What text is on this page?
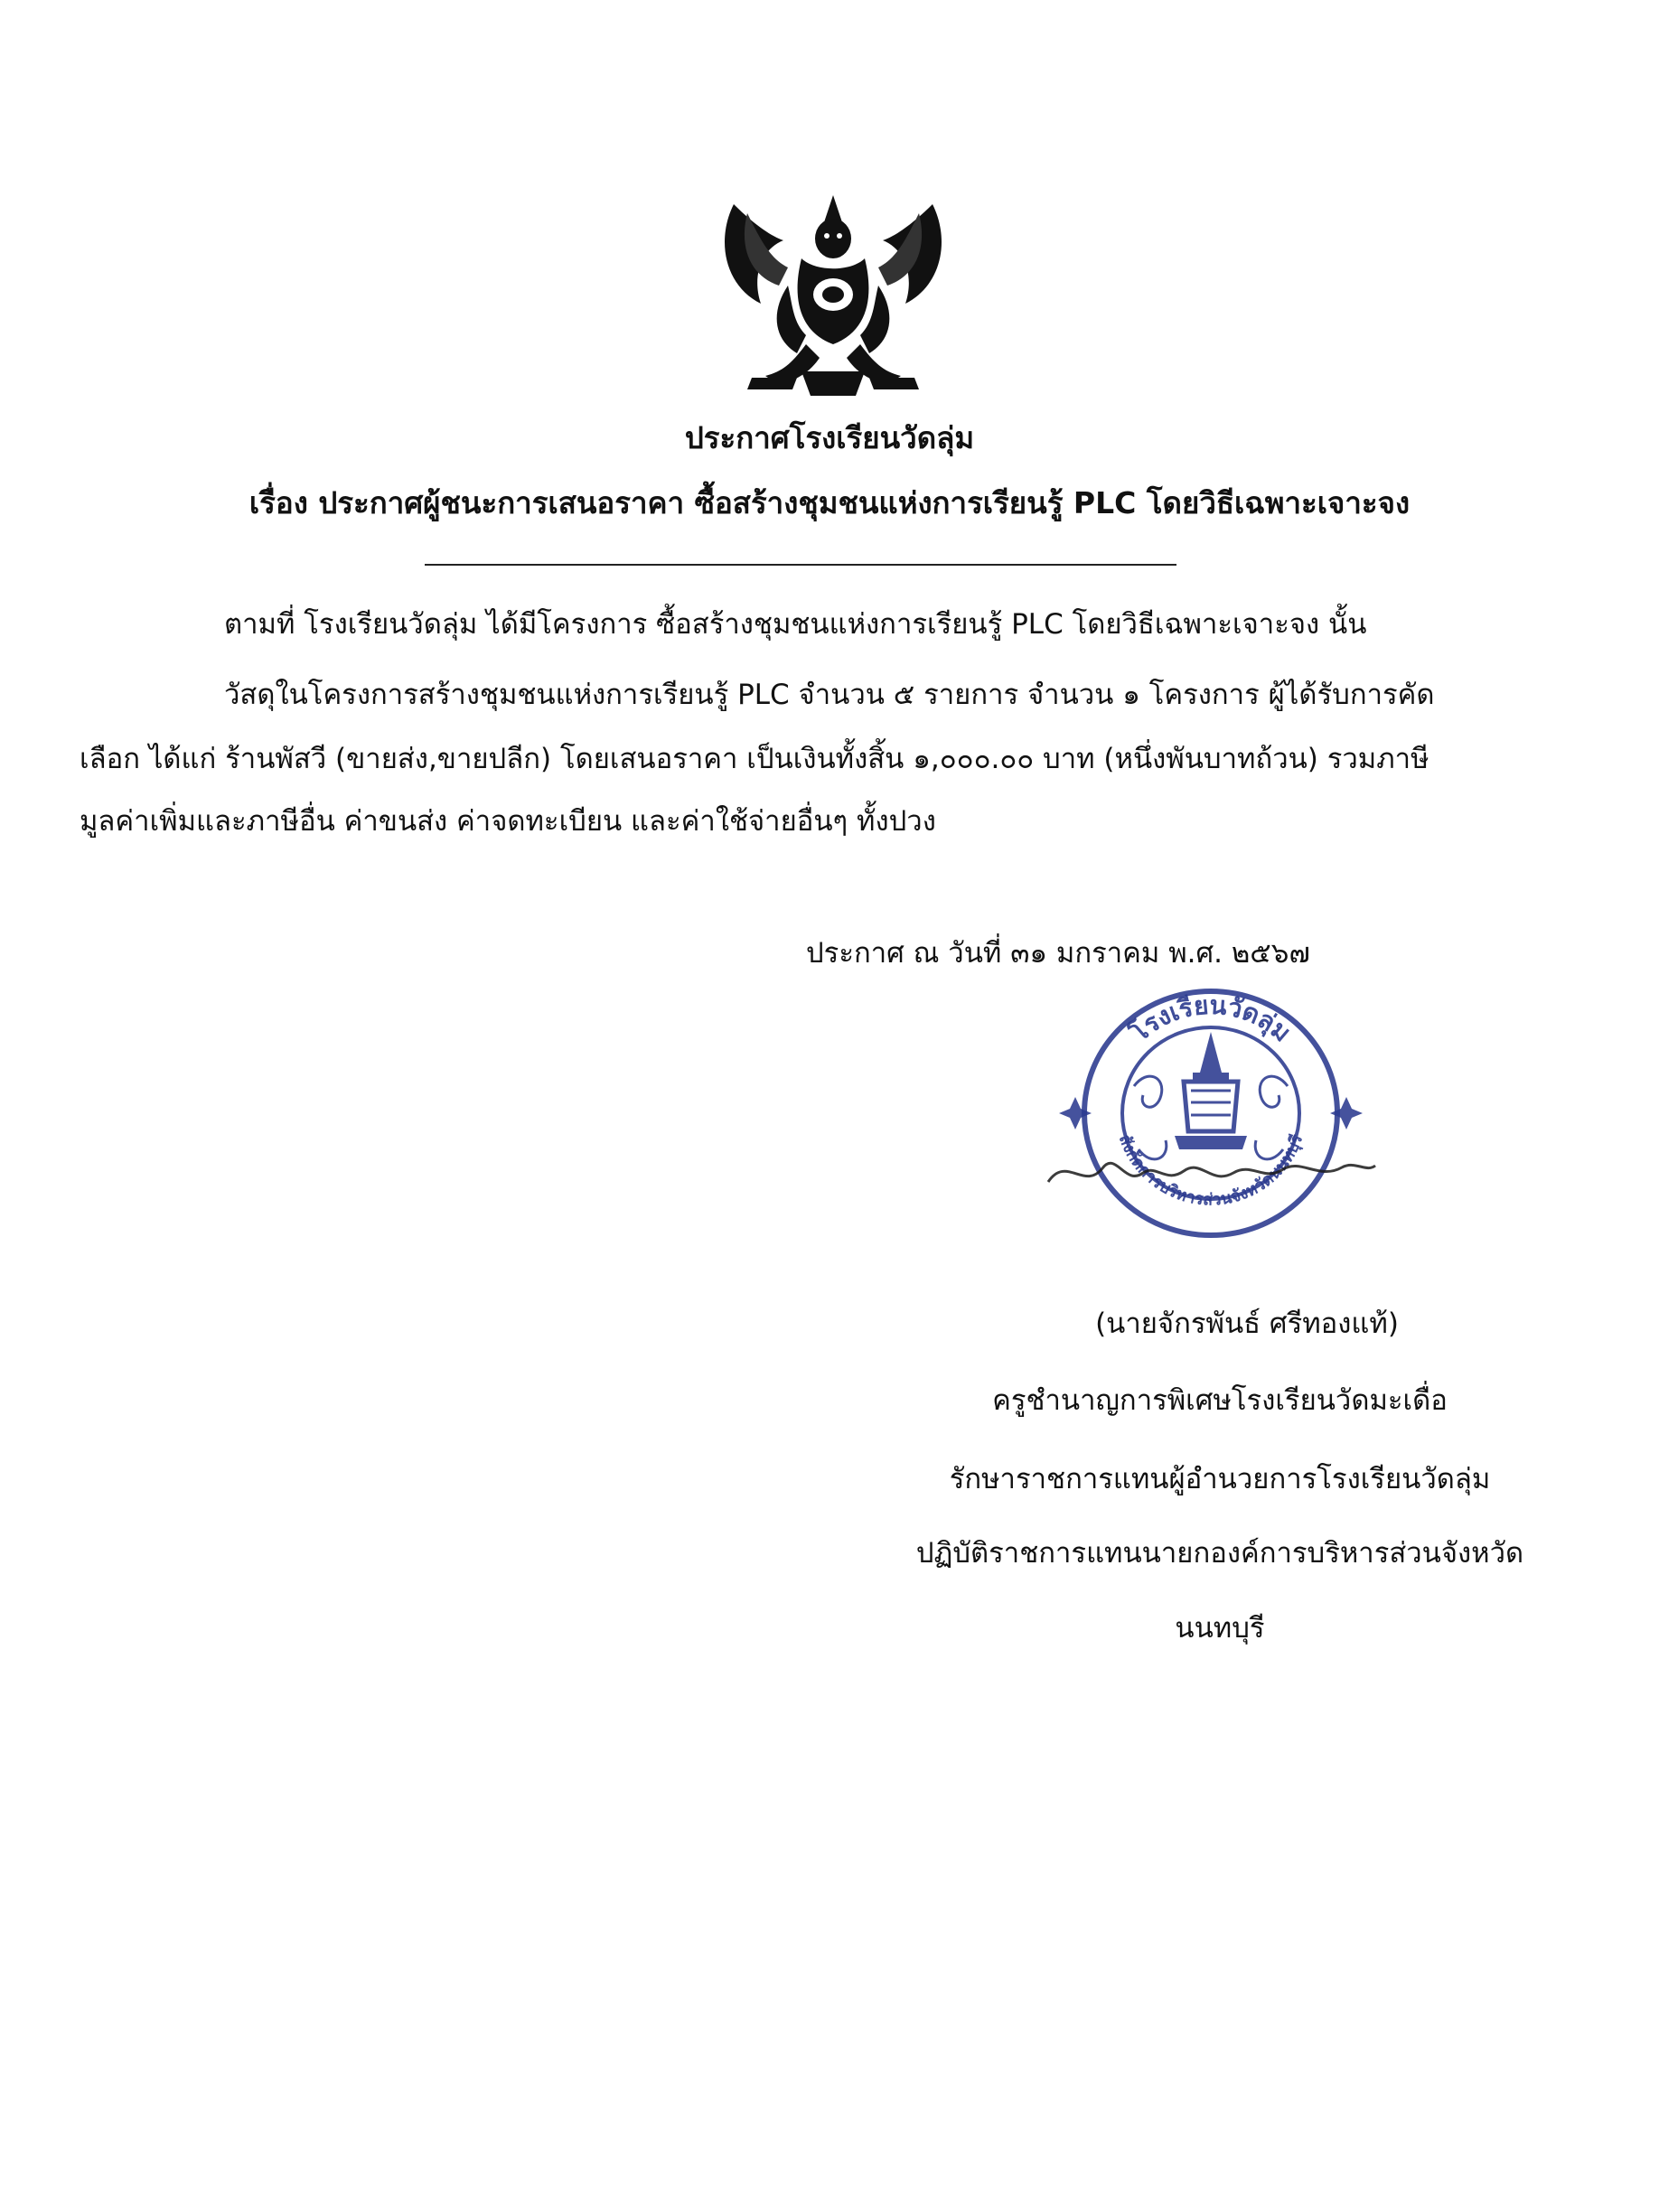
ประกาศโรงเรียนวัดลุ่ม
เรื่อง ประกาศผู้ชนะการเสนอราคา ซื้อสร้างชุมชนแห่งการเรียนรู้ PLC โดยวิธีเฉพาะเจาะจง
ตามที่ โรงเรียนวัดลุ่ม ได้มีโครงการ ซื้อสร้างชุมชนแห่งการเรียนรู้ PLC โดยวิธีเฉพาะเจาะจง นั้น
วัสดุในโครงการสร้างชุมชนแห่งการเรียนรู้ PLC จำนวน ๕ รายการ จำนวน ๑ โครงการ ผู้ได้รับการคัด
เลือก ได้แก่ ร้านพัสวี (ขายส่ง,ขายปลีก) โดยเสนอราคา เป็นเงินทั้งสิ้น ๑,๐๐๐.๐๐ บาท (หนึ่งพันบาทถ้วน) รวมภาษี
มูลค่าเพิ่มและภาษีอื่น ค่าขนส่ง ค่าจดทะเบียน และค่าใช้จ่ายอื่นๆ ทั้งปวง
ประกาศ ณ วันที่ ๓๑ มกราคม พ.ศ. ๒๕๖๗
โรงเรียนวัดลุ่ม
สังกัดการบริหารส่วนจังหวัดนนทบุรี
(นายจักรพันธ์ ศรีทองแท้)
ครูชำนาญการพิเศษโรงเรียนวัดมะเดื่อ
รักษาราชการแทนผู้อำนวยการโรงเรียนวัดลุ่ม
ปฏิบัติราชการแทนนายกองค์การบริหารส่วนจังหวัด
นนทบุรี
